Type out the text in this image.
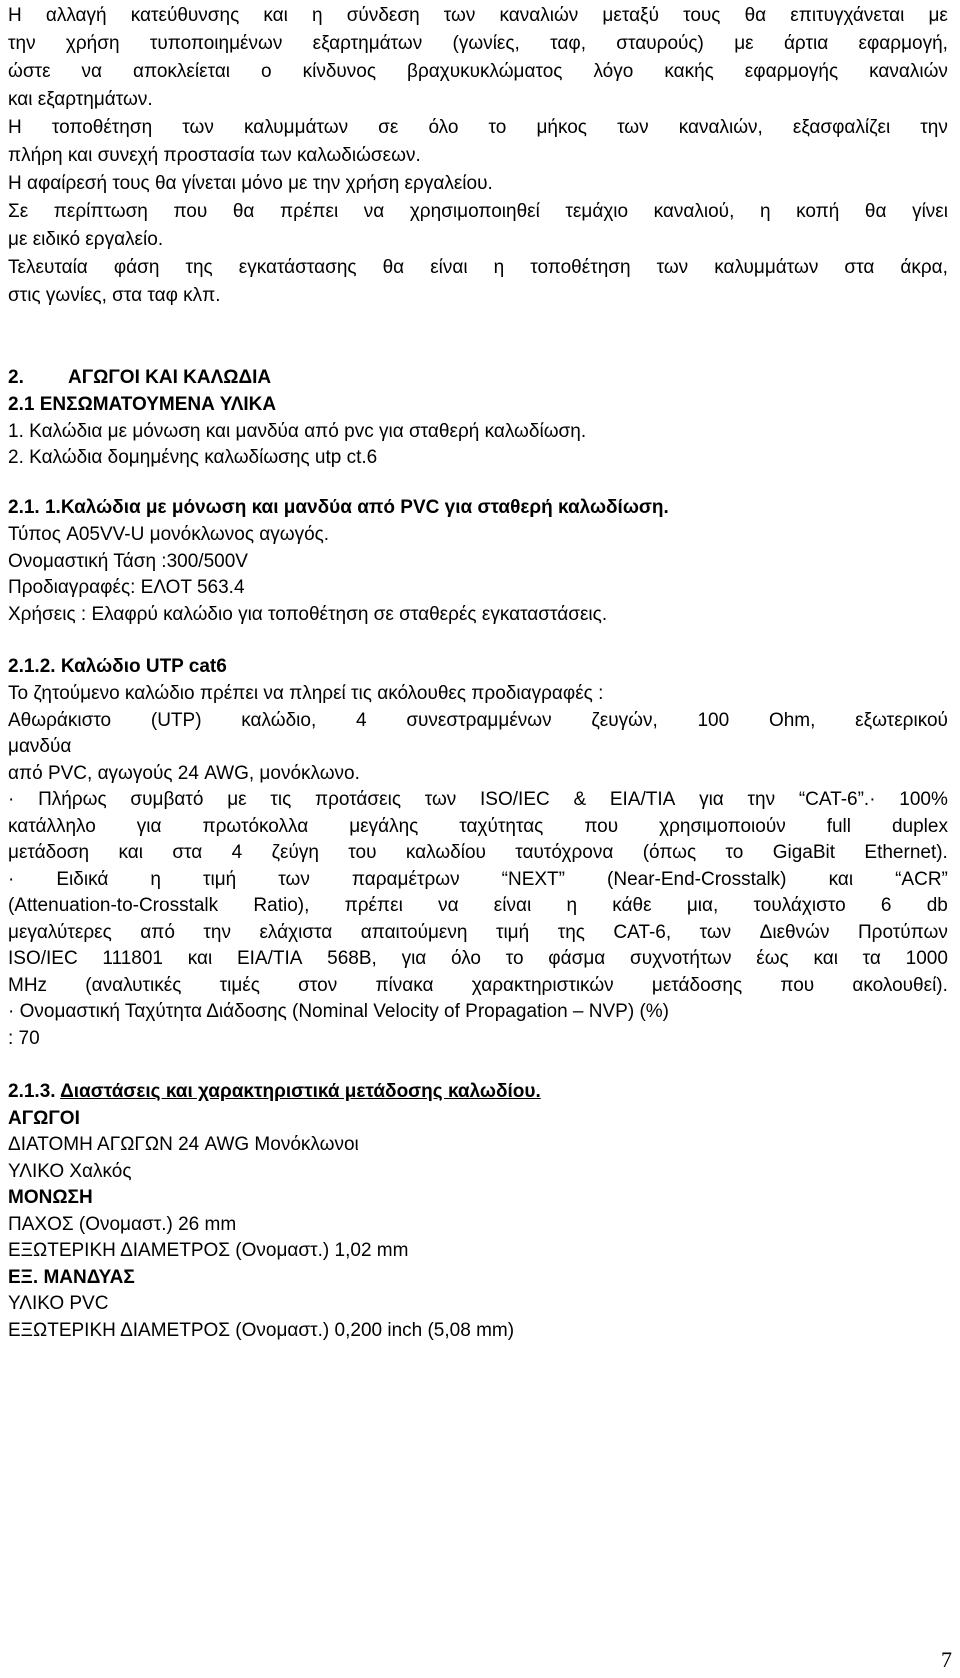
Η αλλαγή κατεύθυνσης και η σύνδεση των καναλιών μεταξύ τους θα επιτυγχάνεται με
την χρήση τυποποιημένων εξαρτημάτων (γωνίες, ταφ, σταυρούς) με άρτια εφαρμογή,
ώστε να αποκλείεται ο κίνδυνος βραχυκυκλώματος λόγο κακής εφαρμογής καναλιών
και εξαρτημάτων.
Η τοποθέτηση των καλυμμάτων σε όλο το μήκος των καναλιών, εξασφαλίζει την
πλήρη και συνεχή προστασία των καλωδιώσεων.
Η αφαίρεσή τους θα γίνεται μόνο με την χρήση εργαλείου.
Σε περίπτωση που θα πρέπει να χρησιμοποιηθεί τεμάχιο καναλιού, η κοπή θα γίνει
με ειδικό εργαλείο.
Τελευταία φάση της εγκατάστασης θα είναι η τοποθέτηση των καλυμμάτων στα άκρα,
στις γωνίες, στα ταφ κλπ.
2. ΑΓΩΓΟΙ ΚΑΙ ΚΑΛΩΔΙΑ
2.1 ΕΝΣΩΜΑΤΟΥΜΕΝΑ ΥΛΙΚΑ
1. Καλώδια με μόνωση και μανδύα από pvc για σταθερή καλωδίωση.
2. Καλώδια δομημένης καλωδίωσης utp ct.6
2.1. 1.Καλώδια με μόνωση και μανδύα από PVC για σταθερή καλωδίωση.
Τύπος A05VV-U μονόκλωνος αγωγός.
Ονομαστική Τάση :300/500V
Προδιαγραφές: ΕΛΟΤ 563.4
Χρήσεις : Ελαφρύ καλώδιο για τοποθέτηση σε σταθερές εγκαταστάσεις.
2.1.2. Καλώδιο UTP cat6
Το ζητούμενο καλώδιο πρέπει να πληρεί τις ακόλουθες προδιαγραφές :
Αθωράκιστο (UTP) καλώδιο, 4 συνεστραμμένων ζευγών, 100 Ohm, εξωτερικού
μανδύα
από PVC, αγωγούς 24 AWG, μονόκλωνο.
· Πλήρως συμβατό με τις προτάσεις των ISO/IEC & EIA/TIA για την “CAT-6”.· 100%
κατάλληλο για πρωτόκολλα μεγάλης ταχύτητας που χρησιμοποιούν full duplex
μετάδοση και στα 4 ζεύγη του καλωδίου ταυτόχρονα (όπως το GigaBit Ethernet).
· Ειδικά η τιμή των παραμέτρων “NEXT” (Near-End-Crosstalk) και “ACR”
(Attenuation-to-Crosstalk Ratio), πρέπει να είναι η κάθε μια, τουλάχιστο 6 db
μεγαλύτερες από την ελάχιστα απαιτούμενη τιμή της CAT-6, των Διεθνών Προτύπων
ISO/IEC 111801 και EIA/TIA 568B, για όλο το φάσμα συχνοτήτων έως και τα 1000
MHz (αναλυτικές τιμές στον πίνακα χαρακτηριστικών μετάδοσης που ακολουθεί).
· Ονομαστική Ταχύτητα Διάδοσης (Nominal Velocity of Propagation – NVP) (%)
: 70
2.1.3. Διαστάσεις και χαρακτηριστικά μετάδοσης καλωδίου.
ΑΓΩΓΟΙ
ΔΙΑΤΟΜΗ ΑΓΩΓΩΝ 24 AWG Μονόκλωνοι
ΥΛΙΚΟ Χαλκός
ΜΟΝΩΣΗ
ΠΑΧΟΣ (Ονομαστ.) 26 mm
ΕΞΩΤΕΡΙΚΗ ΔΙΑΜΕΤΡΟΣ (Ονομαστ.) 1,02 mm
ΕΞ. ΜΑΝΔΥΑΣ
ΥΛΙΚΟ PVC
ΕΞΩΤΕΡΙΚΗ ΔΙΑΜΕΤΡΟΣ (Ονομαστ.) 0,200 inch (5,08 mm)
7
